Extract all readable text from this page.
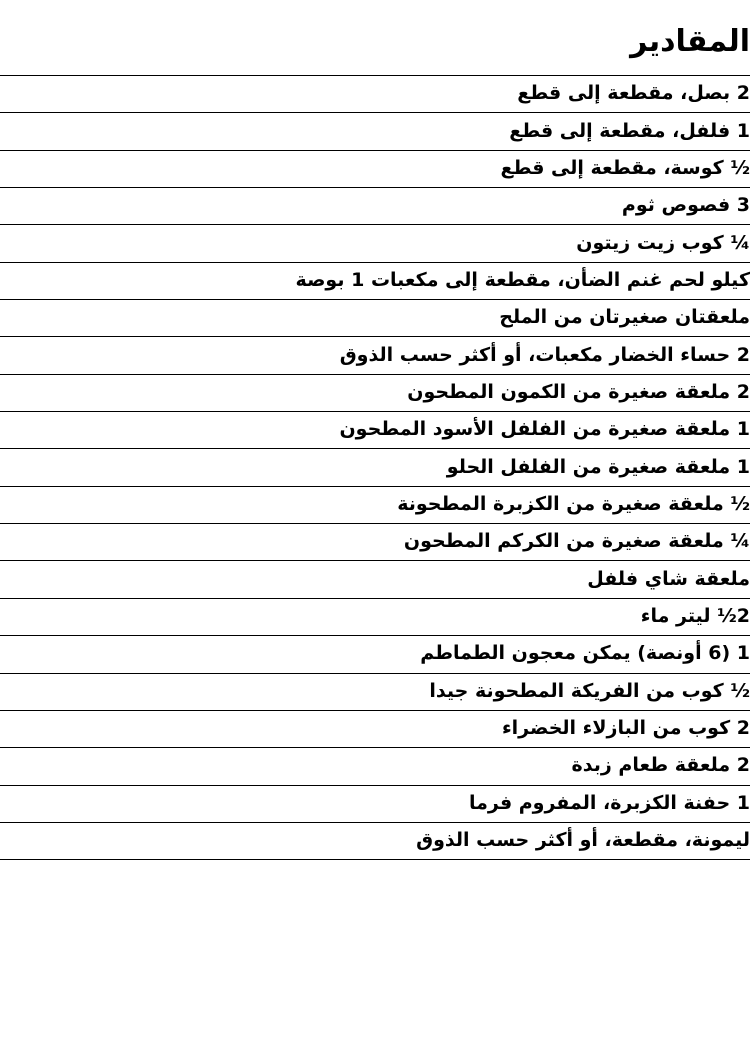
المقادير
2 بصل، مقطعة إلى قطع
1 فلفل، مقطعة إلى قطع
½ كوسة، مقطعة إلى قطع
3 فصوص ثوم
¼ كوب زيت زيتون
كيلو لحم غنم الضأن، مقطعة إلى مكعبات 1 بوصة
ملعقتان صغيرتان من الملح
2 حساء الخضار مكعبات، أو أكثر حسب الذوق
2 ملعقة صغيرة من الكمون المطحون
1 ملعقة صغيرة من الفلفل الأسود المطحون
1 ملعقة صغيرة من الفلفل الحلو
½ ملعقة صغيرة من الكزبرة المطحونة
¼ ملعقة صغيرة من الكركم المطحون
ملعقة شاي فلفل
2½ ليتر ماء
1 (6 أونصة) يمكن معجون الطماطم
½ كوب من الفريكة المطحونة جيدا
2 كوب من البازلاء الخضراء
2 ملعقة طعام زبدة
1 حفنة الكزبرة، المفروم فرما
ليمونة، مقطعة، أو أكثر حسب الذوق
